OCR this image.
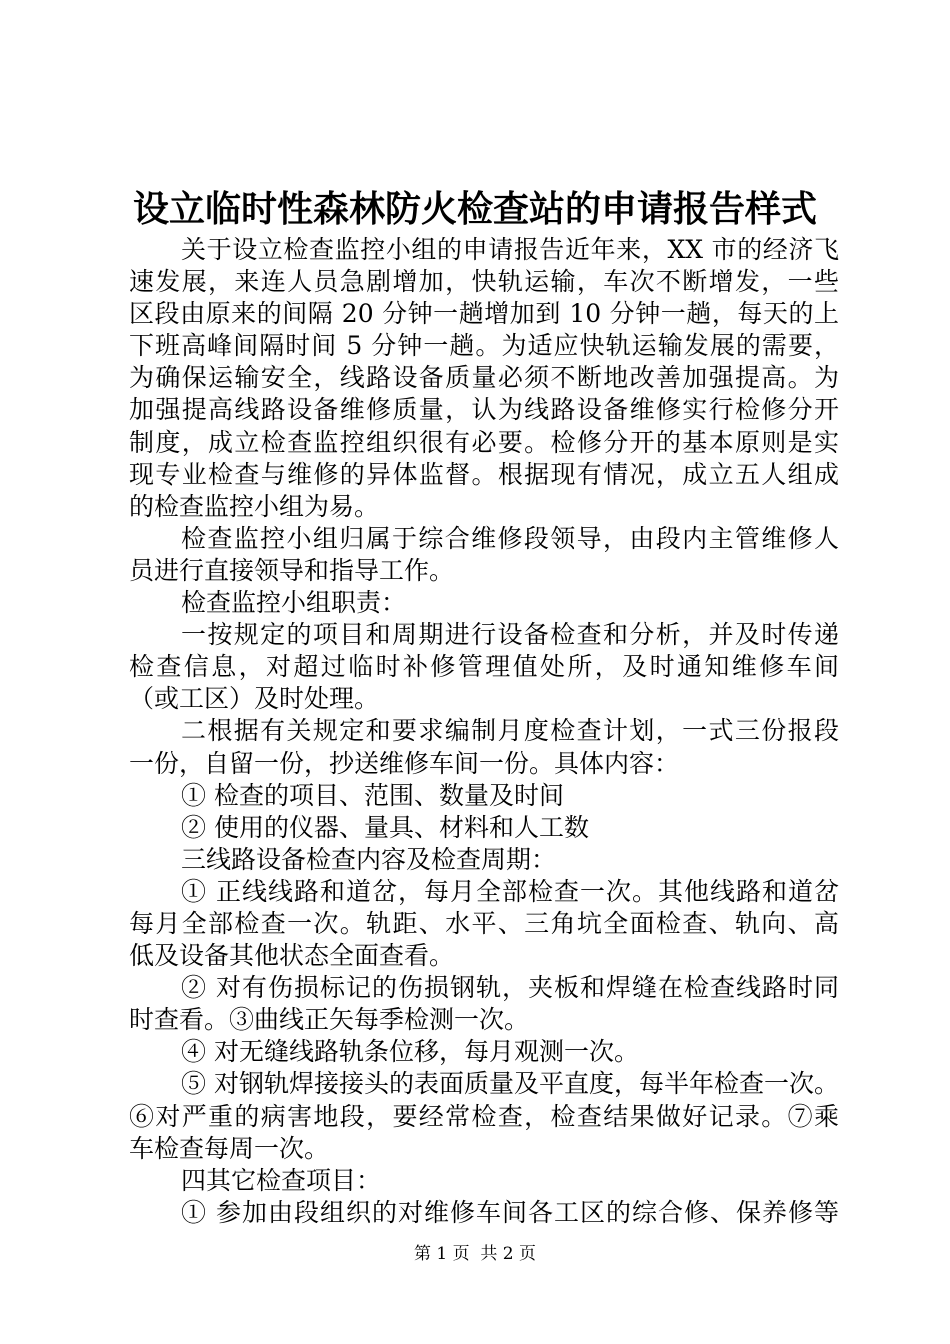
设立临时性森林防火检查站的申请报告样式
关于设立检查监控小组的申请报告近年来，XX 市的经济飞
速发展，来连人员急剧增加，快轨运输，车次不断增发，一些
区段由原来的间隔 20 分钟一趟增加到 10 分钟一趟，每天的上
下班高峰间隔时间 5 分钟一趟。为适应快轨运输发展的需要，
为确保运输安全，线路设备质量必须不断地改善加强提高。为
加强提高线路设备维修质量，认为线路设备维修实行检修分开
制度，成立检查监控组织很有必要。检修分开的基本原则是实
现专业检查与维修的异体监督。根据现有情况，成立五人组成
的检查监控小组为易。
检查监控小组归属于综合维修段领导，由段内主管维修人
员进行直接领导和指导工作。
检查监控小组职责：
一按规定的项目和周期进行设备检查和分析，并及时传递
检查信息，对超过临时补修管理值处所，及时通知维修车间
（或工区）及时处理。
二根据有关规定和要求编制月度检查计划，一式三份报段
一份，自留一份，抄送维修车间一份。具体内容：
① 检查的项目、范围、数量及时间
② 使用的仪器、量具、材料和人工数
三线路设备检查内容及检查周期：
① 正线线路和道岔，每月全部检查一次。其他线路和道岔
每月全部检查一次。轨距、水平、三角坑全面检查、轨向、高
低及设备其他状态全面查看。
② 对有伤损标记的伤损钢轨，夹板和焊缝在检查线路时同
时查看。③曲线正矢每季检测一次。
④ 对无缝线路轨条位移，每月观测一次。
⑤ 对钢轨焊接接头的表面质量及平直度，每半年检查一次。
⑥对严重的病害地段，要经常检查，检查结果做好记录。⑦乘
车检查每周一次。
四其它检查项目：
① 参加由段组织的对维修车间各工区的综合修、保养修等
第 1 页  共 2 页
